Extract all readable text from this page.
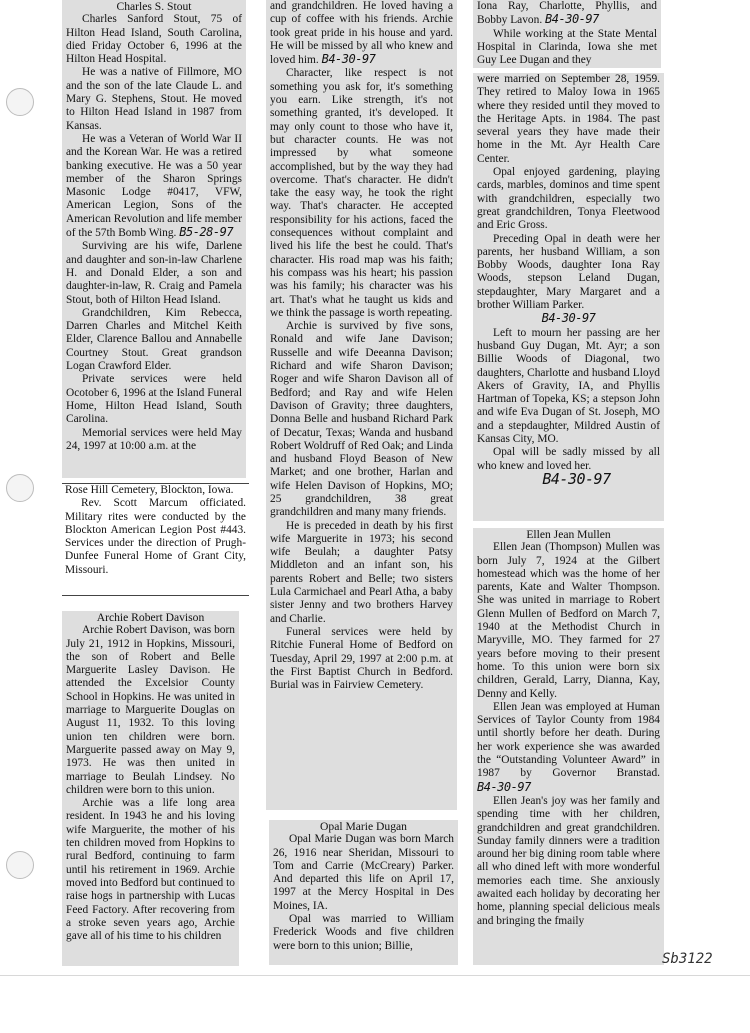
Charles S. Stout

Charles Sanford Stout, 75 of Hilton Head Island, South Carolina, died Friday October 6, 1996 at the Hilton Head Hospital.

He was a native of Fillmore, MO and the son of the late Claude L. and Mary G. Stephens, Stout. He moved to Hilton Head Island in 1987 from Kansas.

He was a Veteran of World War II and the Korean War. He was a retired banking executive. He was a 50 year member of the Sharon Springs Masonic Lodge #0417, VFW, American Legion, Sons of the American Revolution and life member of the 57th Bomb Wing. B5-28-97

Surviving are his wife, Darlene and daughter and son-in-law Charlene H. and Donald Elder, a son and daughter-in-law, R. Craig and Pamela Stout, both of Hilton Head Island.

Grandchildren, Kim Rebecca, Darren Charles and Mitchel Keith Elder, Clarence Ballou and Annabelle Courtney Stout. Great grandson Logan Crawford Elder.

Private services were held Ocotober 6, 1996 at the Island Funeral Home, Hilton Head Island, South Carolina.

Memorial services were held May 24, 1997 at 10:00 a.m. at the

Rose Hill Cemetery, Blockton, Iowa.

Rev. Scott Marcum officiated. Military rites were conducted by the Blockton American Legion Post #443. Services under the direction of Prugh-Dunfee Funeral Home of Grant City, Missouri.

Archie Robert Davison

Archie Robert Davison, was born July 21, 1912 in Hopkins, Missouri, the son of Robert and Belle Marguerite Lasley Davison. He attended the Excelsior County School in Hopkins. He was united in marriage to Marguerite Douglas on August 11, 1932. To this loving union ten children were born. Marguerite passed away on May 9, 1973. He was then united in marriage to Beulah Lindsey. No children were born to this union.

Archie was a life long area resident. In 1943 he and his loving wife Marguerite, the mother of his ten children moved from Hopkins to rural Bedford, continuing to farm until his retirement in 1969. Archie moved into Bedford but continued to raise hogs in partnership with Lucas Feed Factory. After recovering from a stroke seven years ago, Archie gave all of his time to his children

and grandchildren. He loved having a cup of coffee with his friends. Archie took great pride in his house and yard. He will be missed by all who knew and loved him. B4-30-97

Character, like respect is not something you ask for, it's something you earn. Like strength, it's not something granted, it's developed. It may only count to those who have it, but character counts. He was not impressed by what someone accomplished, but by the way they had overcome. That's character. He didn't take the easy way, he took the right way. That's character. He accepted responsibility for his actions, faced the consequences without complaint and lived his life the best he could. That's character. His road map was his faith; his compass was his heart; his passion was his family; his character was his art. That's what he taught us kids and we think the passage is worth repeating.

Archie is survived by five sons, Ronald and wife Jane Davison; Russelle and wife Deeanna Davison; Richard and wife Sharon Davison; Roger and wife Sharon Davison all of Bedford; and Ray and wife Helen Davison of Gravity; three daughters, Donna Belle and husband Richard Park of Decatur, Texas; Wanda and husband Robert Woldruff of Red Oak; and Linda and husband Floyd Beason of New Market; and one brother, Harlan and wife Helen Davison of Hopkins, MO; 25 grandchildren, 38 great grandchildren and many many friends.

He is preceded in death by his first wife Marguerite in 1973; his second wife Beulah; a daughter Patsy Middleton and an infant son, his parents Robert and Belle; two sisters Lula Carmichael and Pearl Atha, a baby sister Jenny and two brothers Harvey and Charlie.

Funeral services were held by Ritchie Funeral Home of Bedford on Tuesday, April 29, 1997 at 2:00 p.m. at the First Baptist Church in Bedford. Burial was in Fairview Cemetery.

Opal Marie Dugan

Opal Marie Dugan was born March 26, 1916 near Sheridan, Missouri to Tom and Carrie (McCreary) Parker. And departed this life on April 17, 1997 at the Mercy Hospital in Des Moines, IA.

Opal was married to William Frederick Woods and five children were born to this union; Billie,

Iona Ray, Charlotte, Phyllis, and Bobby Lavon. B4-30-97

While working at the State Mental Hospital in Clarinda, Iowa she met Guy Lee Dugan and they

were married on September 28, 1959. They retired to Maloy Iowa in 1965 where they resided until they moved to the Heritage Apts. in 1984. The past several years they have made their home in the Mt. Ayr Health Care Center.

Opal enjoyed gardening, playing cards, marbles, dominos and time spent with grandchildren, especially two great grandchildren, Tonya Fleetwood and Eric Gross.

Preceding Opal in death were her parents, her husband William, a son Bobby Woods, daughter Iona Ray Woods, stepson Leland Dugan, stepdaughter, Mary Margaret and a brother William Parker.

B4-30-97

Left to mourn her passing are her husband Guy Dugan, Mt. Ayr; a son Billie Woods of Diagonal, two daughters, Charlotte and husband Lloyd Akers of Gravity, IA, and Phyllis Hartman of Topeka, KS; a stepson John and wife Eva Dugan of St. Joseph, MO and a stepdaughter, Mildred Austin of Kansas City, MO.

Opal will be sadly missed by all who knew and loved her.

B4-30-97

Ellen Jean Mullen

Ellen Jean (Thompson) Mullen was born July 7, 1924 at the Gilbert homestead which was the home of her parents, Kate and Walter Thompson. She was united in marriage to Robert Glenn Mullen of Bedford on March 7, 1940 at the Methodist Church in Maryville, MO. They farmed for 27 years before moving to their present home. To this union were born six children, Gerald, Larry, Dianna, Kay, Denny and Kelly.

Ellen Jean was employed at Human Services of Taylor County from 1984 until shortly before her death. During her work experience she was awarded the “Outstanding Volunteer Award” in 1987 by Governor Branstad. B4-30-97

Ellen Jean's joy was her family and spending time with her children, grandchildren and great grandchildren. Sunday family dinners were a tradition around her big dining room table where all who dined left with more wonderful memories each time. She anxiously awaited each holiday by decorating her home, planning special delicious meals and bringing the fmaily

Sb3122
